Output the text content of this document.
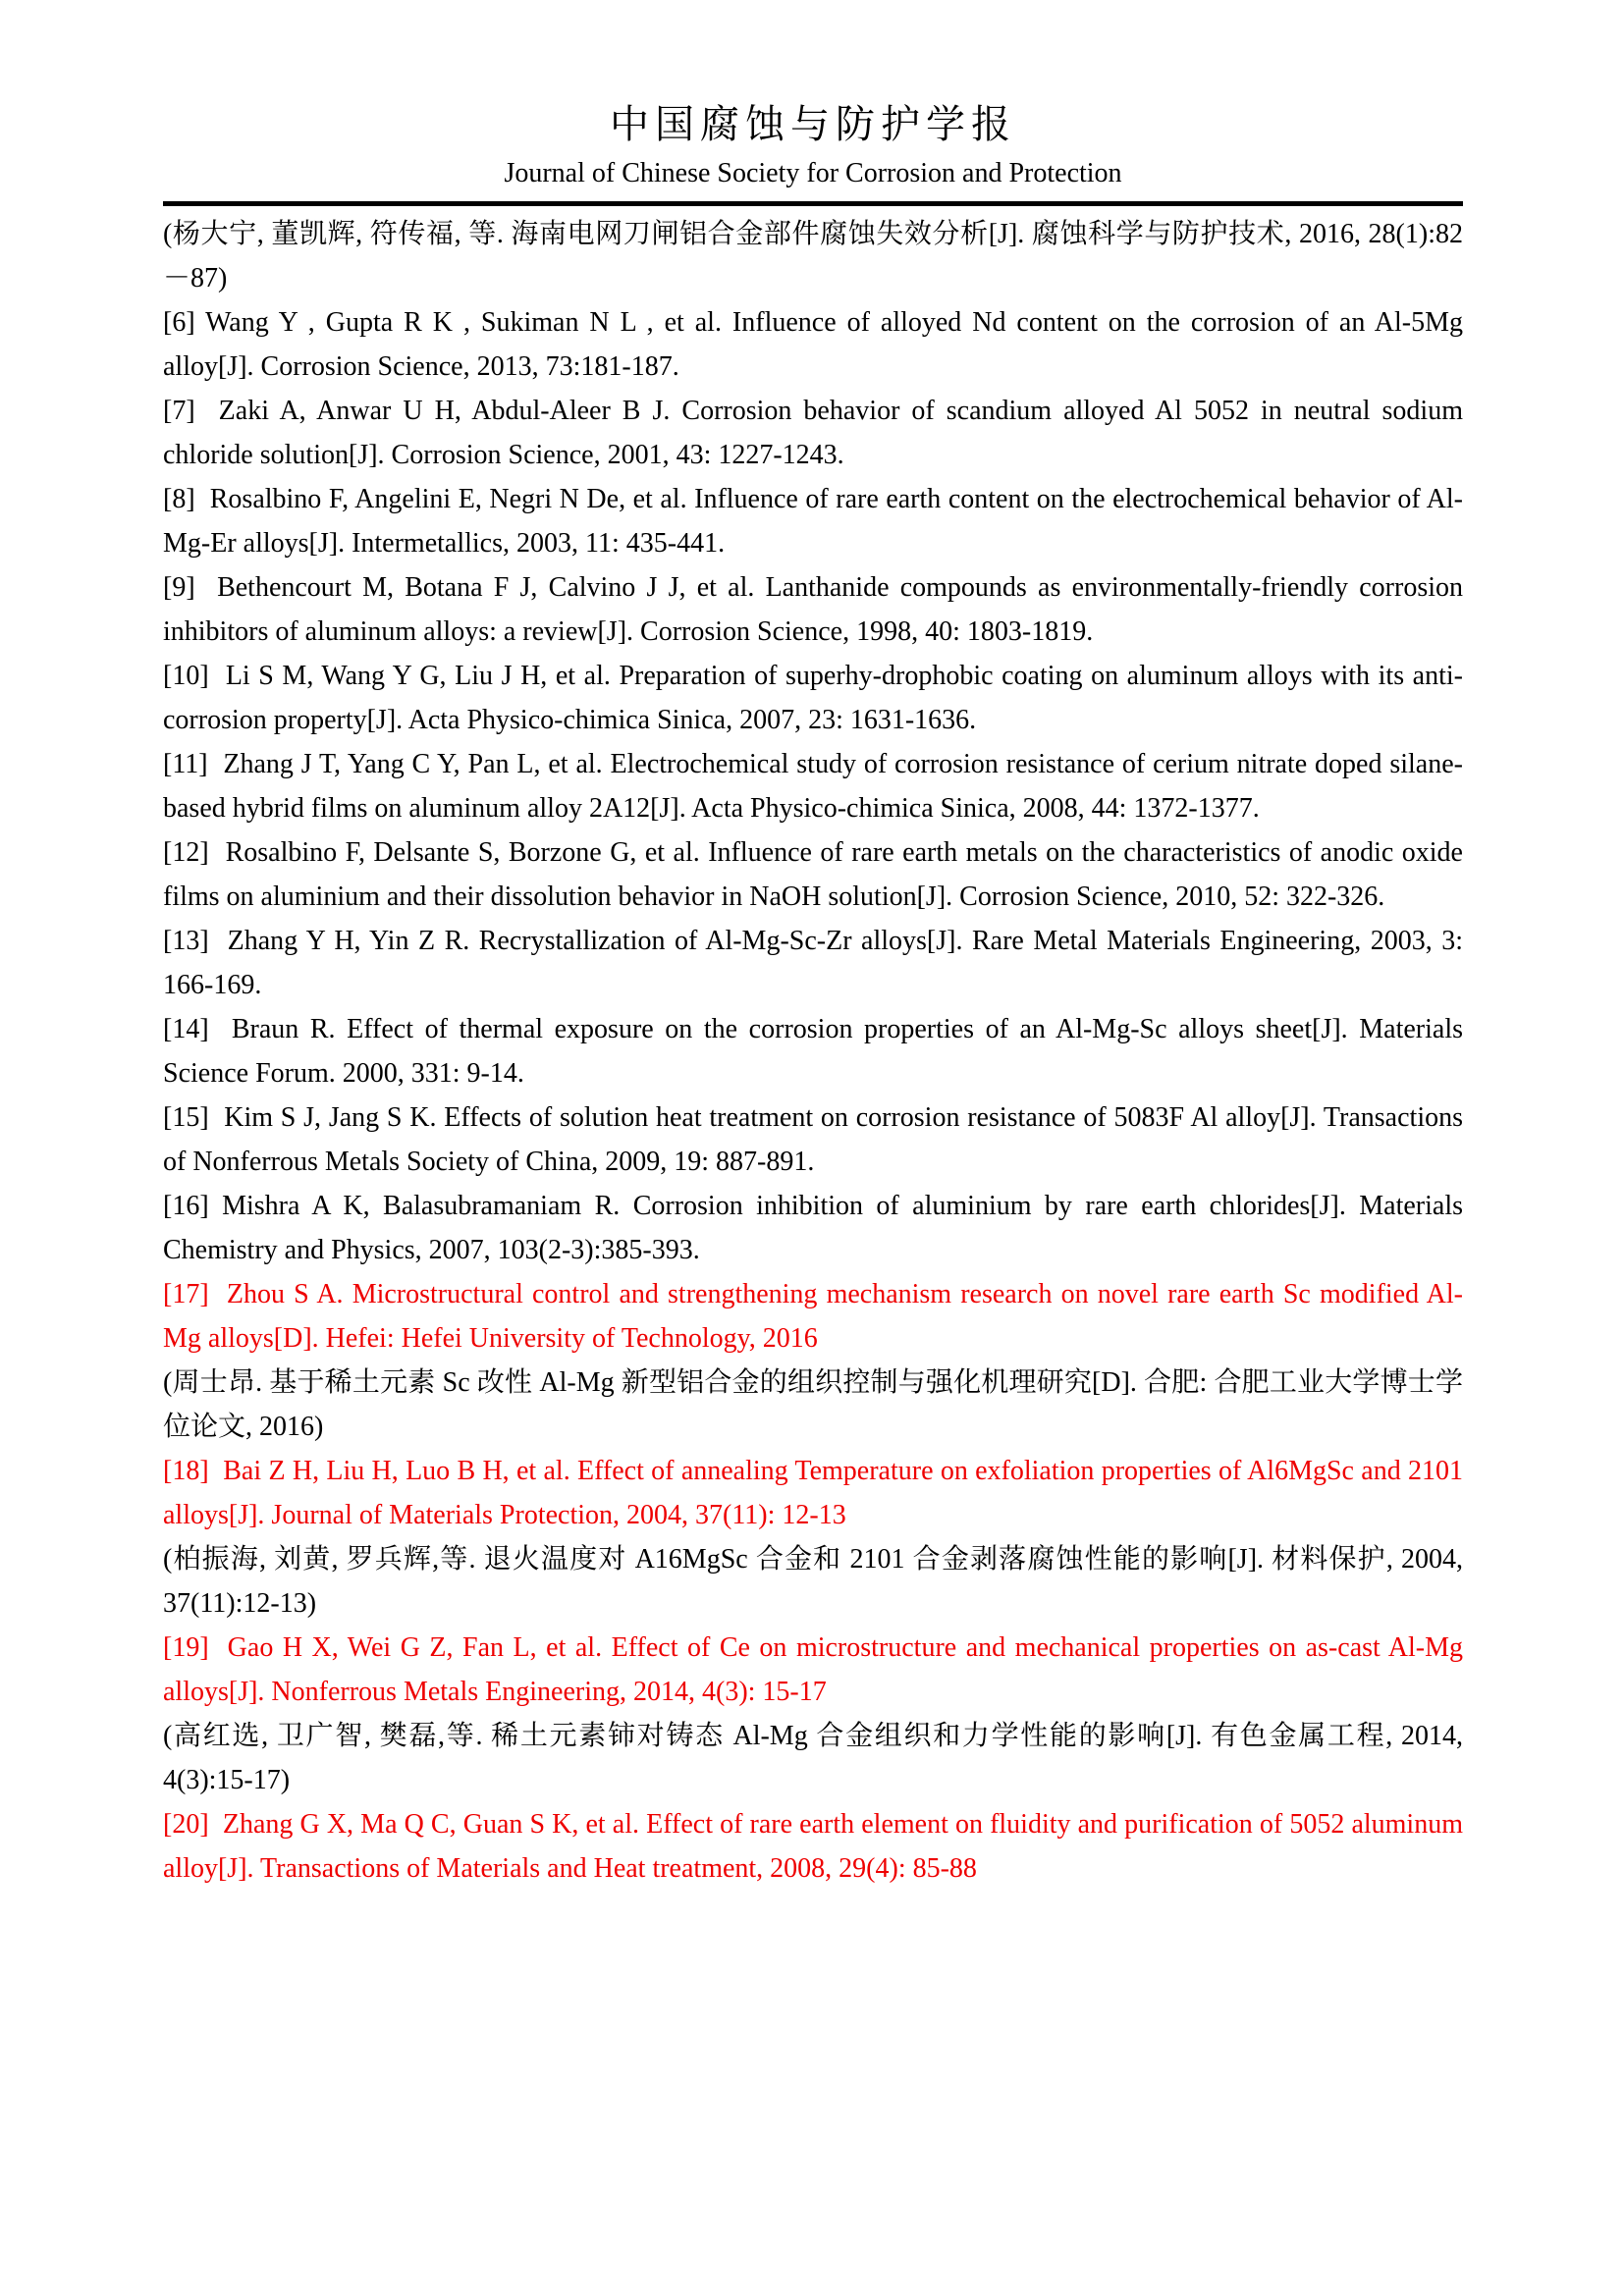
中国腐蚀与防护学报
Journal of Chinese Society for Corrosion and Protection

(杨大宁, 董凯辉, 符传福, 等. 海南电网刀闸铝合金部件腐蚀失效分析[J]. 腐蚀科学与防护技术, 2016, 28(1):82－87)

[6] Wang Y , Gupta R K , Sukiman N L , et al. Influence of alloyed Nd content on the corrosion of an Al-5Mg alloy[J]. Corrosion Science, 2013, 73:181-187.

[7]  Zaki A, Anwar U H, Abdul-Aleer B J. Corrosion behavior of scandium alloyed Al 5052 in neutral sodium chloride solution[J]. Corrosion Science, 2001, 43: 1227-1243.

[8]  Rosalbino F, Angelini E, Negri N De, et al. Influence of rare earth content on the electrochemical behavior of Al-Mg-Er alloys[J]. Intermetallics, 2003, 11: 435-441.

[9]  Bethencourt M, Botana F J, Calvino J J, et al. Lanthanide compounds as environmentally-friendly corrosion inhibitors of aluminum alloys: a review[J]. Corrosion Science, 1998, 40: 1803-1819.

[10]  Li S M, Wang Y G, Liu J H, et al. Preparation of superhy-drophobic coating on aluminum alloys with its anti-corrosion property[J]. Acta Physico-chimica Sinica, 2007, 23: 1631-1636.

[11]  Zhang J T, Yang C Y, Pan L, et al. Electrochemical study of corrosion resistance of cerium nitrate doped silane-based hybrid films on aluminum alloy 2A12[J]. Acta Physico-chimica Sinica, 2008, 44: 1372-1377.

[12]  Rosalbino F, Delsante S, Borzone G, et al. Influence of rare earth metals on the characteristics of anodic oxide films on aluminium and their dissolution behavior in NaOH solution[J]. Corrosion Science, 2010, 52: 322-326.

[13]  Zhang Y H, Yin Z R. Recrystallization of Al-Mg-Sc-Zr alloys[J]. Rare Metal Materials Engineering, 2003, 3: 166-169.

[14]  Braun R. Effect of thermal exposure on the corrosion properties of an Al-Mg-Sc alloys sheet[J]. Materials Science Forum. 2000, 331: 9-14.

[15]  Kim S J, Jang S K. Effects of solution heat treatment on corrosion resistance of 5083F Al alloy[J]. Transactions of Nonferrous Metals Society of China, 2009, 19: 887-891.

[16] Mishra A K, Balasubramaniam R. Corrosion inhibition of aluminium by rare earth chlorides[J]. Materials Chemistry and Physics, 2007, 103(2-3):385-393.

[17]  Zhou S A. Microstructural control and strengthening mechanism research on novel rare earth Sc modified Al-Mg alloys[D]. Hefei: Hefei University of Technology, 2016

(周士昂. 基于稀土元素 Sc 改性 Al-Mg 新型铝合金的组织控制与强化机理研究[D]. 合肥: 合肥工业大学博士学位论文, 2016)

[18]  Bai Z H, Liu H, Luo B H, et al. Effect of annealing Temperature on exfoliation properties of Al6MgSc and 2101 alloys[J]. Journal of Materials Protection, 2004, 37(11): 12-13

(柏振海, 刘黄, 罗兵辉,等. 退火温度对 A16MgSc 合金和 2101 合金剥落腐蚀性能的影响[J]. 材料保护, 2004, 37(11):12-13)

[19]  Gao H X, Wei G Z, Fan L, et al. Effect of Ce on microstructure and mechanical properties on as-cast Al-Mg alloys[J]. Nonferrous Metals Engineering, 2014, 4(3): 15-17

(高红选, 卫广智, 樊磊,等. 稀土元素铈对铸态 Al-Mg 合金组织和力学性能的影响[J]. 有色金属工程, 2014, 4(3):15-17)

[20]  Zhang G X, Ma Q C, Guan S K, et al. Effect of rare earth element on fluidity and purification of 5052 aluminum alloy[J]. Transactions of Materials and Heat treatment, 2008, 29(4): 85-88
